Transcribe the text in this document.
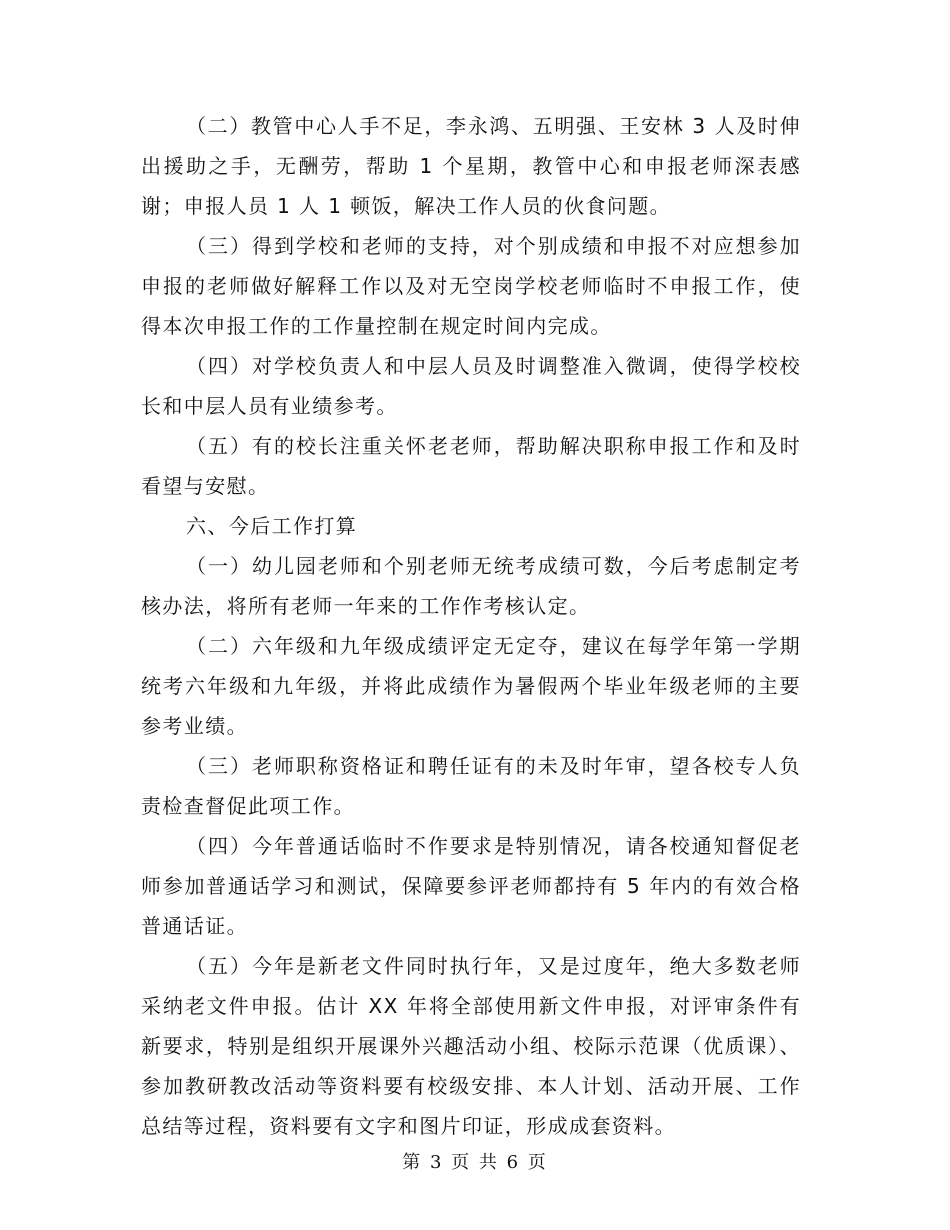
（二）教管中心人手不足，李永鸿、五明强、王安林 3 人及时伸出援助之手，无酬劳，帮助 1 个星期，教管中心和申报老师深表感谢；申报人员 1 人 1 顿饭，解决工作人员的伙食问题。

（三）得到学校和老师的支持，对个别成绩和申报不对应想参加申报的老师做好解释工作以及对无空岗学校老师临时不申报工作，使得本次申报工作的工作量控制在规定时间内完成。

（四）对学校负责人和中层人员及时调整准入微调，使得学校校长和中层人员有业绩参考。

（五）有的校长注重关怀老老师，帮助解决职称申报工作和及时看望与安慰。

六、今后工作打算

（一）幼儿园老师和个别老师无统考成绩可数，今后考虑制定考核办法，将所有老师一年来的工作作考核认定。

（二）六年级和九年级成绩评定无定夺，建议在每学年第一学期统考六年级和九年级，并将此成绩作为暑假两个毕业年级老师的主要参考业绩。

（三）老师职称资格证和聘任证有的未及时年审，望各校专人负责检查督促此项工作。

（四）今年普通话临时不作要求是特别情况，请各校通知督促老师参加普通话学习和测试，保障要参评老师都持有 5 年内的有效合格普通话证。

（五）今年是新老文件同时执行年，又是过度年，绝大多数老师采纳老文件申报。估计 XX 年将全部使用新文件申报，对评审条件有新要求，特别是组织开展课外兴趣活动小组、校际示范课（优质课）、参加教研教改活动等资料要有校级安排、本人计划、活动开展、工作总结等过程，资料要有文字和图片印证，形成成套资料。

第 3 页 共 6 页
